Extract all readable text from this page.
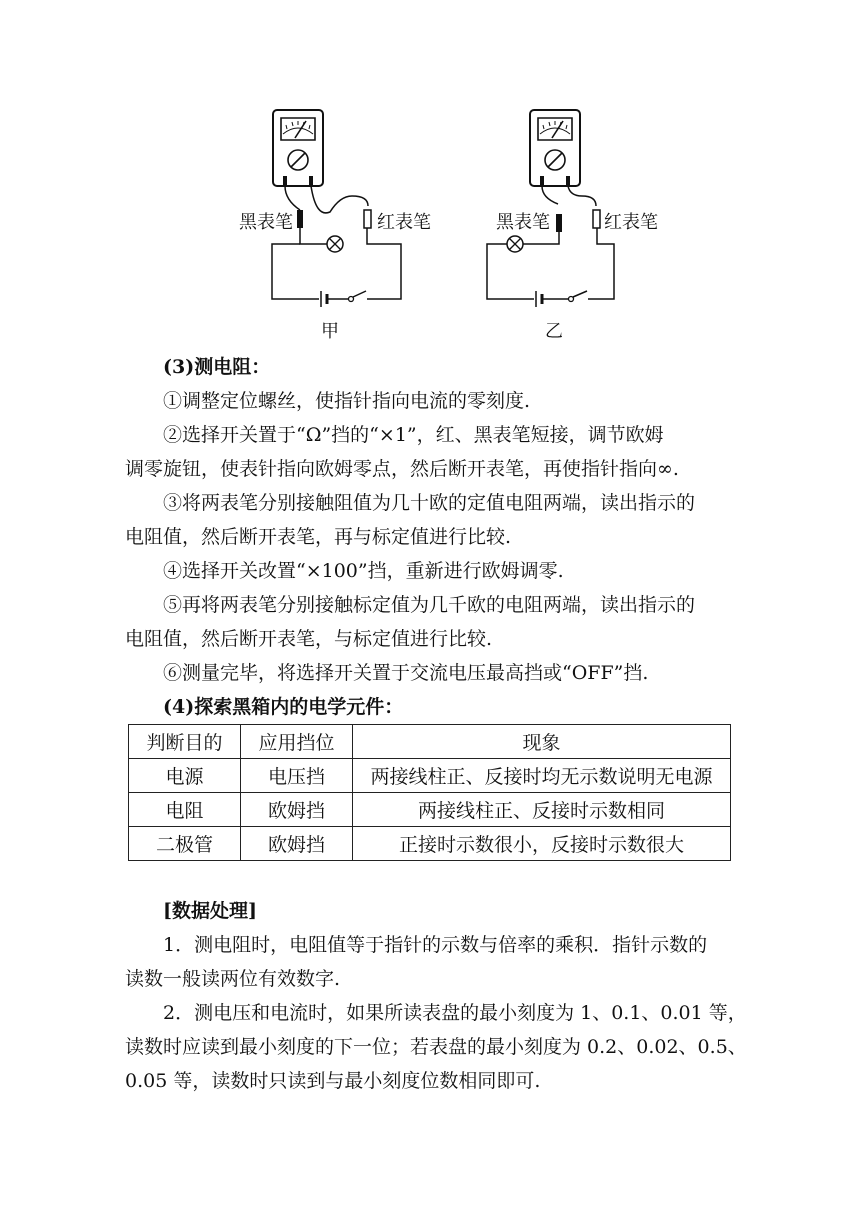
黑表笔	红表笔
甲
黑表笔	红表笔
乙
(3)测电阻：
①调整定位螺丝，使指针指向电流的零刻度.
②选择开关置于“Ω”挡的“×1”，红、黑表笔短接，调节欧姆
调零旋钮，使表针指向欧姆零点，然后断开表笔，再使指针指向∞.
③将两表笔分别接触阻值为几十欧的定值电阻两端，读出指示的
电阻值，然后断开表笔，再与标定值进行比较.
④选择开关改置“×100”挡，重新进行欧姆调零.
⑤再将两表笔分别接触标定值为几千欧的电阻两端，读出指示的
电阻值，然后断开表笔，与标定值进行比较.
⑥测量完毕，将选择开关置于交流电压最高挡或“OFF”挡.
(4)探索黑箱内的电学元件：
判断目的	应用挡位	现象
电源	电压挡	两接线柱正、反接时均无示数说明无电源
电阻	欧姆挡	两接线柱正、反接时示数相同
二极管	欧姆挡	正接时示数很小，反接时示数很大
[数据处理]
1．测电阻时，电阻值等于指针的示数与倍率的乘积．指针示数的
读数一般读两位有效数字.
2．测电压和电流时，如果所读表盘的最小刻度为 1、0.1、0.01 等，
读数时应读到最小刻度的下一位；若表盘的最小刻度为 0.2、0.02、0.5、
0.05 等，读数时只读到与最小刻度位数相同即可.
